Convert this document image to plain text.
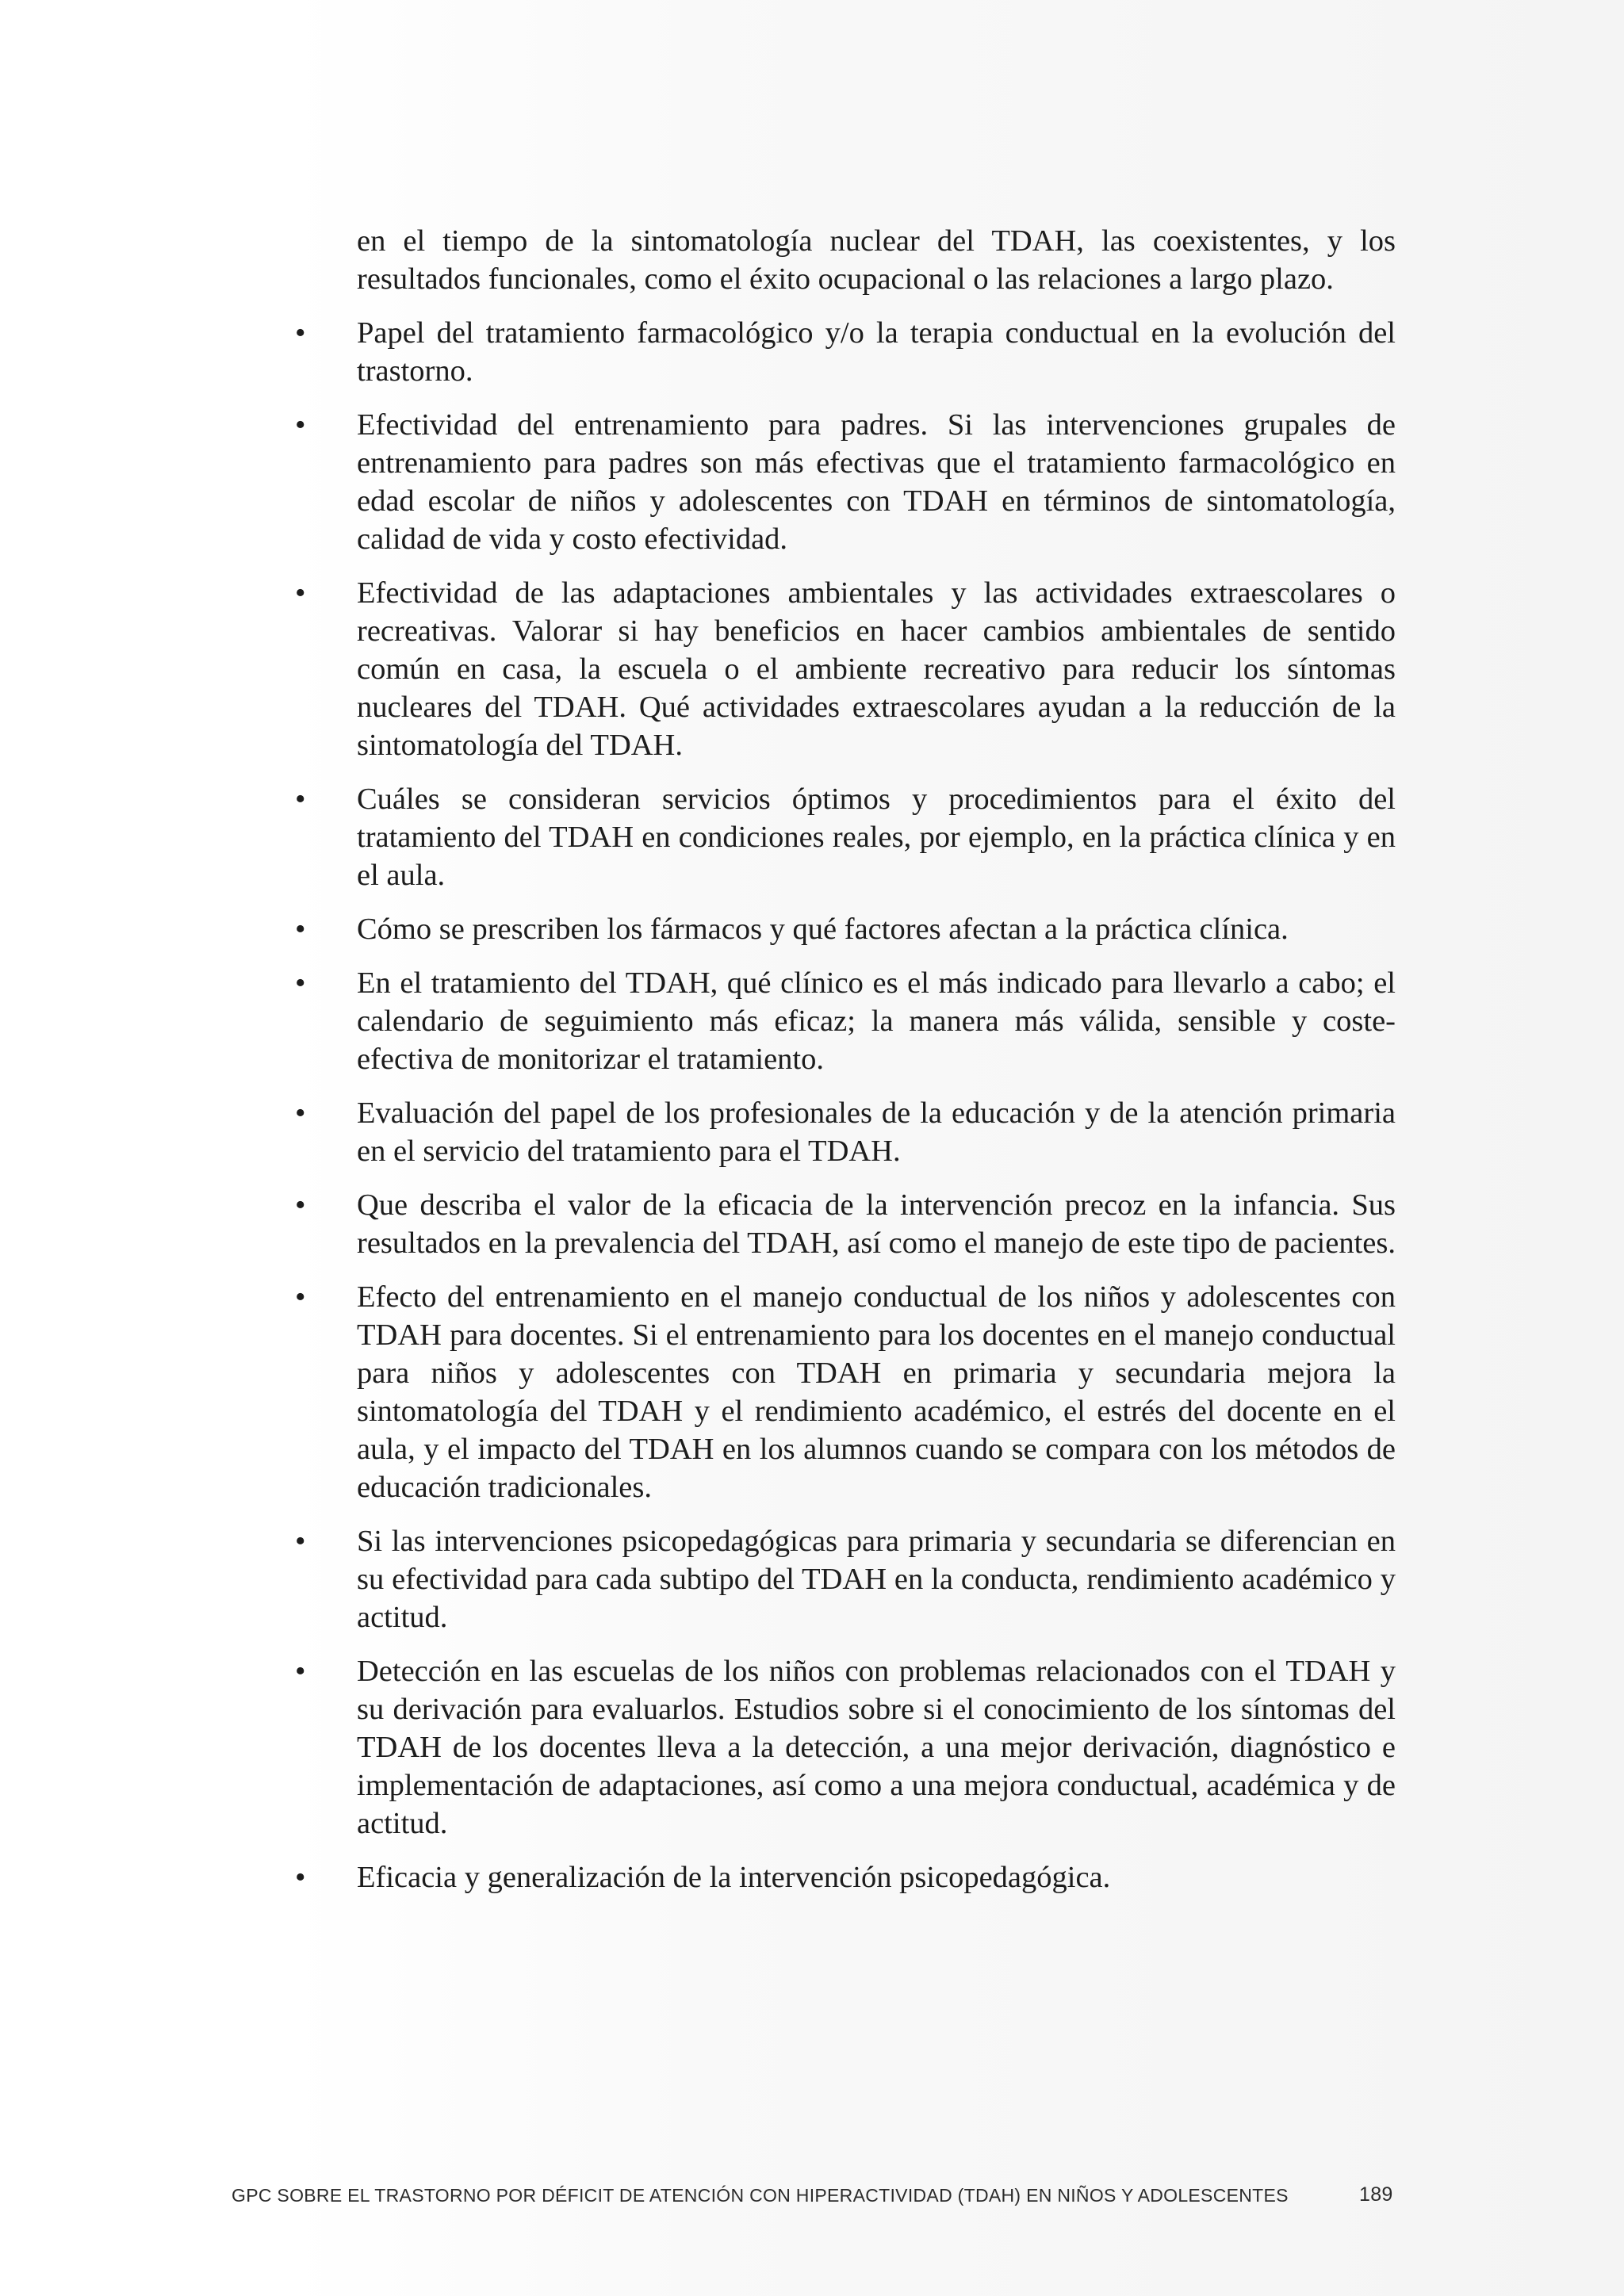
en el tiempo de la sintomatología nuclear del TDAH, las coexistentes, y los resultados funcionales, como el éxito ocupacional o las relaciones a largo plazo.

•	Papel del tratamiento farmacológico y/o la terapia conductual en la evolución del trastorno.
•	Efectividad del entrenamiento para padres. Si las intervenciones grupales de entrenamiento para padres son más efectivas que el tratamiento farmacológico en edad escolar de niños y adolescentes con TDAH en términos de sintomatología, calidad de vida y costo efectividad.
•	Efectividad de las adaptaciones ambientales y las actividades extraescolares o recreativas. Valorar si hay beneficios en hacer cambios ambientales de sentido común en casa, la escuela o el ambiente recreativo para reducir los síntomas nucleares del TDAH. Qué actividades extraescolares ayudan a la reducción de la sintomatología del TDAH.
•	Cuáles se consideran servicios óptimos y procedimientos para el éxito del tratamiento del TDAH en condiciones reales, por ejemplo, en la práctica clínica y en el aula.
•	Cómo se prescriben los fármacos y qué factores afectan a la práctica clínica.
•	En el tratamiento del TDAH, qué clínico es el más indicado para llevarlo a cabo; el calendario de seguimiento más eficaz; la manera más válida, sensible y coste-efectiva de monitorizar el tratamiento.
•	Evaluación del papel de los profesionales de la educación y de la atención primaria en el servicio del tratamiento para el TDAH.
•	Que describa el valor de la eficacia de la intervención precoz en la infancia. Sus resultados en la prevalencia del TDAH, así como el manejo de este tipo de pacientes.
•	Efecto del entrenamiento en el manejo conductual de los niños y adolescentes con TDAH para docentes. Si el entrenamiento para los docentes en el manejo conductual para niños y adolescentes con TDAH en primaria y secundaria mejora la sintomatología del TDAH y el rendimiento académico, el estrés del docente en el aula, y el impacto del TDAH en los alumnos cuando se compara con los métodos de educación tradicionales.
•	Si las intervenciones psicopedagógicas para primaria y secundaria se diferencian en su efectividad para cada subtipo del TDAH en la conducta, rendimiento académico y actitud.
•	Detección en las escuelas de los niños con problemas relacionados con el TDAH y su derivación para evaluarlos. Estudios sobre si el conocimiento de los síntomas del TDAH de los docentes lleva a la detección, a una mejor derivación, diagnóstico e implementación de adaptaciones, así como a una mejora conductual, académica y de actitud.
•	Eficacia y generalización de la intervención psicopedagógica.
GPC SOBRE EL TRASTORNO POR DÉFICIT DE ATENCIÓN CON HIPERACTIVIDAD (TDAH) EN NIÑOS Y ADOLESCENTES	189
